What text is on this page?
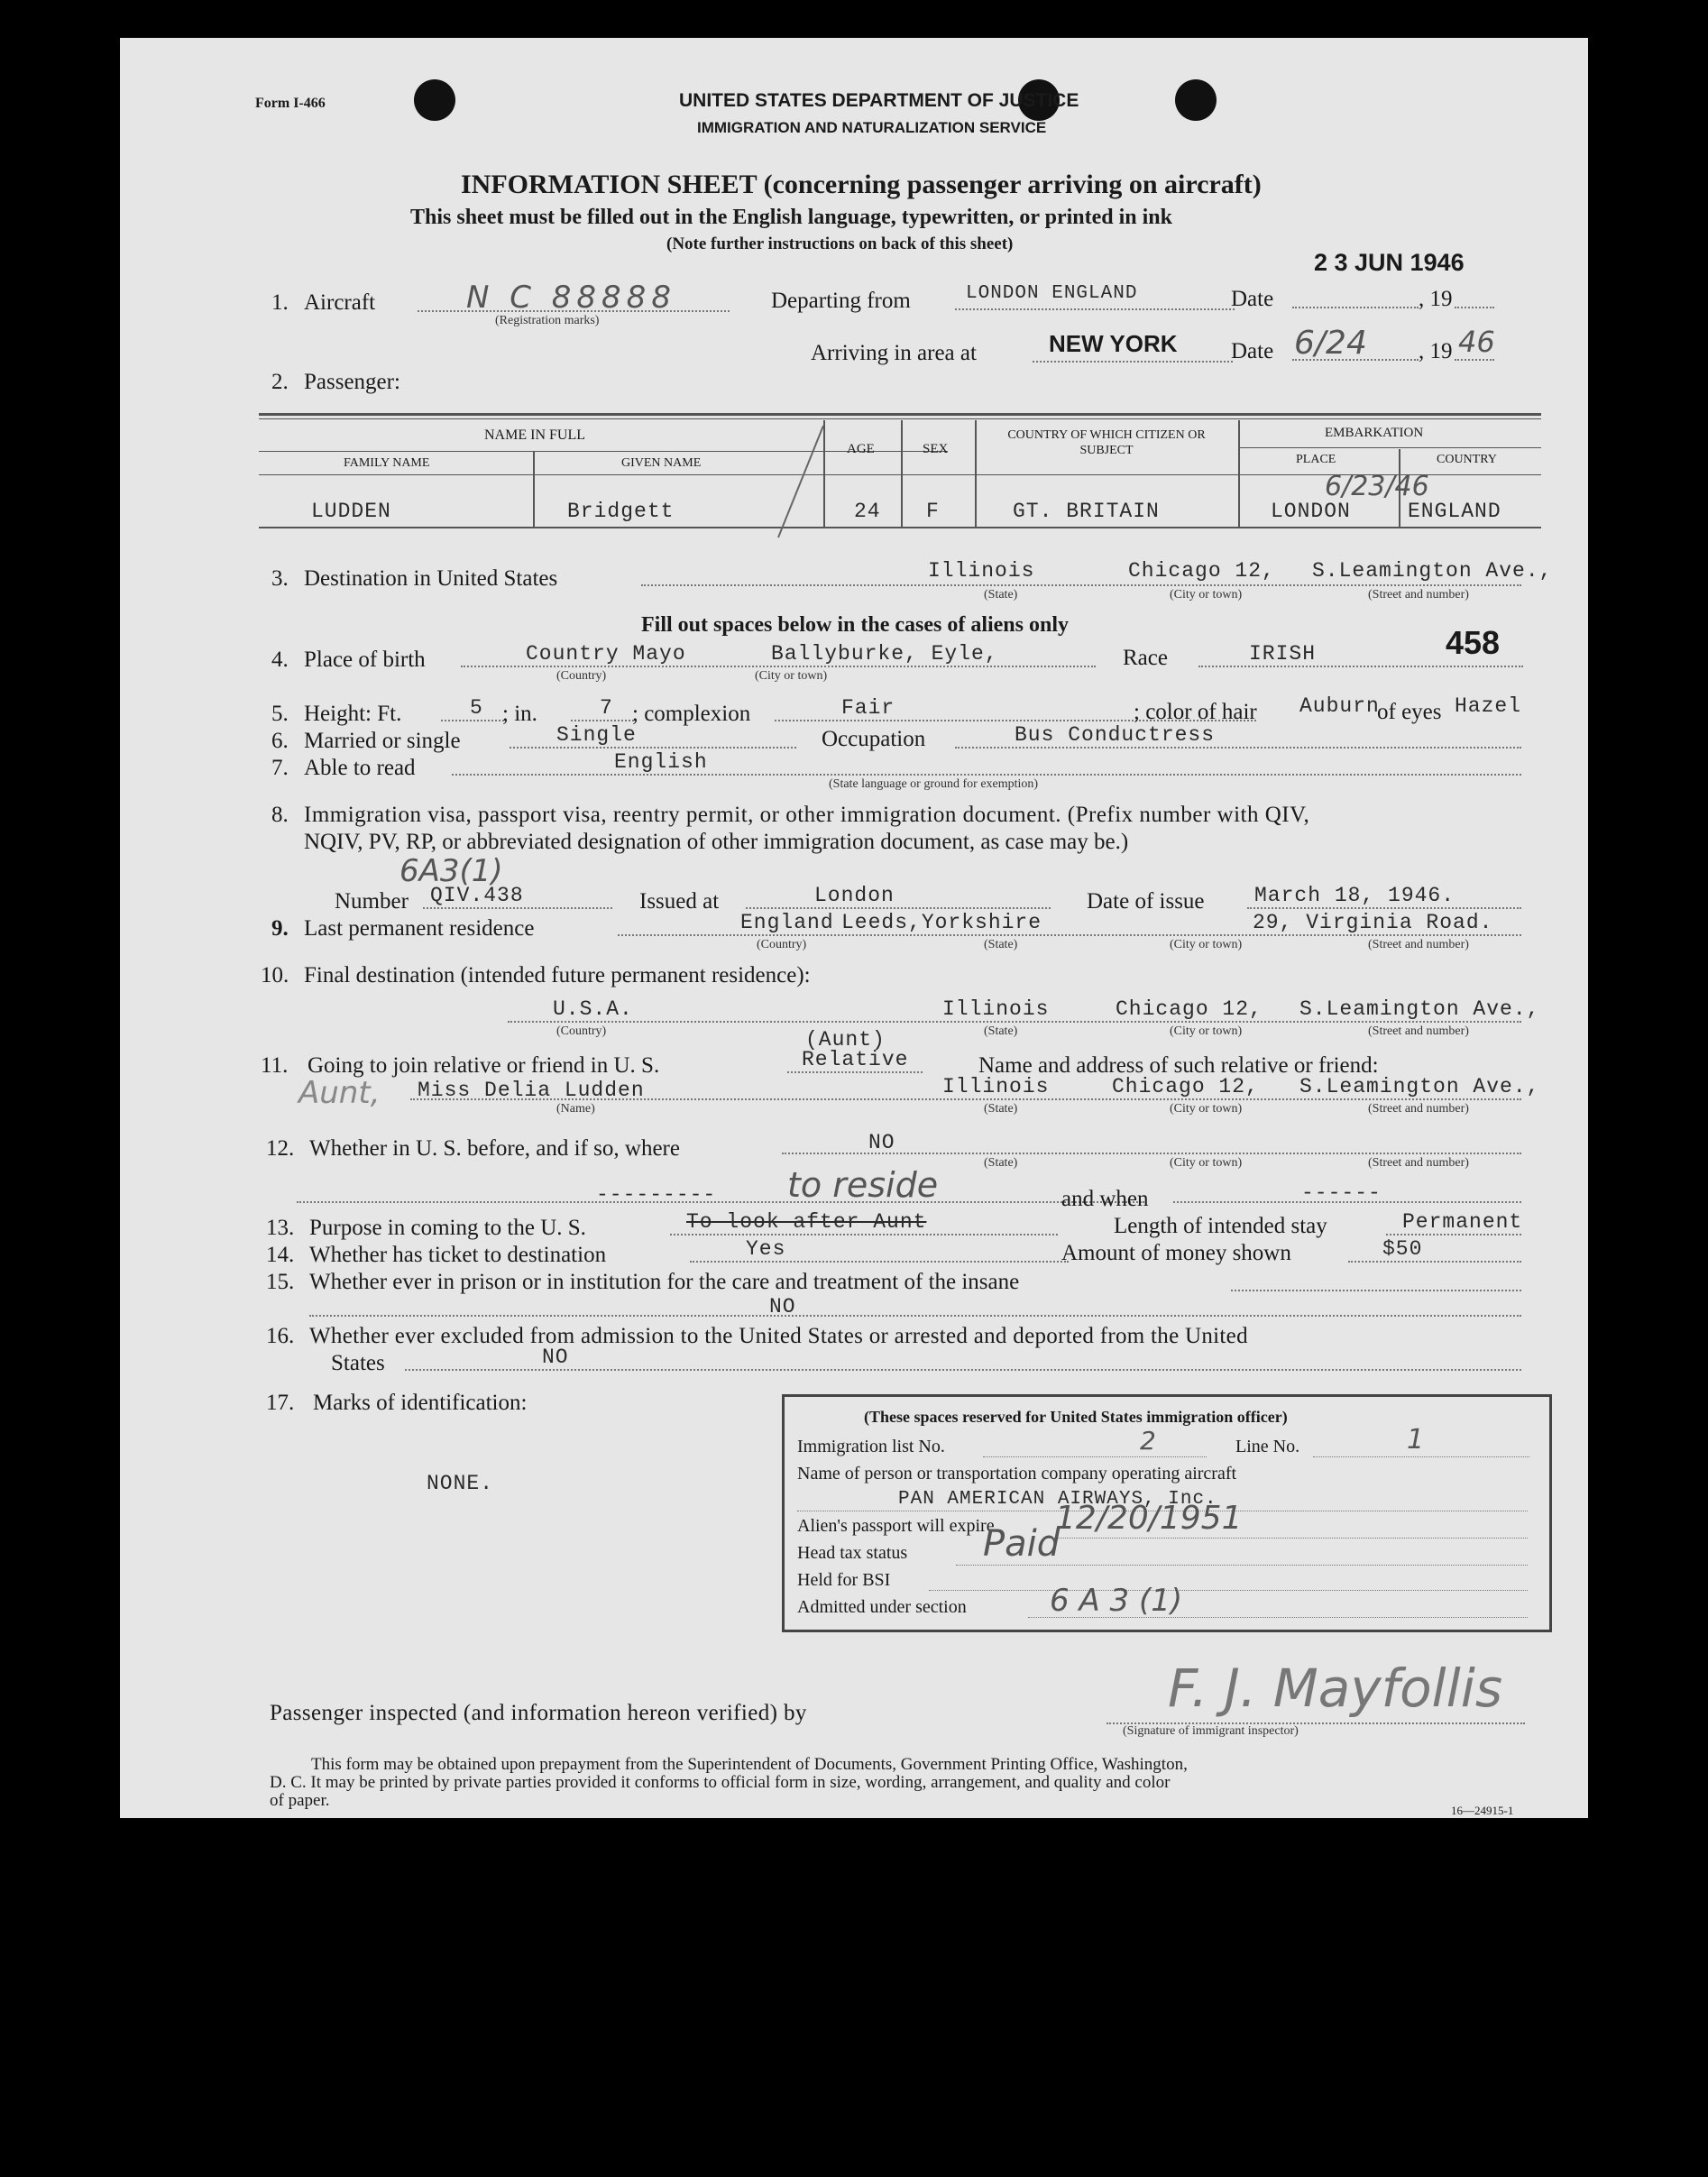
Form I-466	UNITED STATES DEPARTMENT OF JUSTICE
IMMIGRATION AND NATURALIZATION SERVICE
INFORMATION SHEET (concerning passenger arriving on aircraft)
This sheet must be filled out in the English language, typewritten, or printed in ink
(Note further instructions on back of this sheet)
2 3 JUN 1946
1. Aircraft	N C 88888
(Registration marks)
Departing from	LONDON ENGLAND	Date	, 19
Arriving in area at	NEW YORK Date 6/24 , 19 46
2. Passenger:
NAME IN FULL
FAMILY NAME	GIVEN NAME
AGE	SEX
COUNTRY OF WHICH CITIZEN OR SUBJECT
EMBARKATION
PLACE	COUNTRY
LUDDEN	Bridgett	24 F	GT. BRITAIN	LONDON	ENGLAND
6/23/46
3. Destination in United States	Illinois	Chicago 12, S.Leamington Ave.,
(State)	(City or town)	(Street and number)
Fill out spaces below in the cases of aliens only
4. Place of birth	Country Mayo	Ballyburke, Eyle,
(Country)	(City or town)
Race	IRISH	458
5. Height: Ft.	5 ; in.	7 ; complexion	Fair	; color of hair Auburn
of eyes Hazel
6. Married or single	Single	Occupation	Bus Conductress
7. Able to read	English
(State language or ground for exemption)
8. Immigration visa, passport visa, reentry permit, or other immigration document. (Prefix number with QIV,
NQIV, PV, RP, or abbreviated designation of other immigration document, as case may be.)
6A3(1)
Number QIV.438	Issued at	London	Date of issue March 18, 1946.
9. Last permanent residence	England Leeds,Yorkshire	29, Virginia Road.
(Country)	(State)	(City or town)	(Street and number)
10. Final destination (intended future permanent residence):
U.S.A.	Illinois	Chicago 12, S.Leamington Ave.,
(Country)	(State)	(City or town)	(Street and number)
11. Going to join relative or friend in U. S.
(Aunt)
Relative	Name and address of such relative or friend:
Aunt, Miss Delia Ludden	Illinois	Chicago 12, S.Leamington Ave.,
(Name)	(State)	(City or town)	(Street and number)
12. Whether in U. S. before, and if so, where	NO
(State)	(City or town)	(Street and number)
--------- to reside	and when	------
13. Purpose in coming to the U. S.	To look after Aunt	Length of intended stay	Permanent
14. Whether has ticket to destination	Yes	Amount of money shown	$50
15. Whether ever in prison or in institution for the care and treatment of the insane
NO
16. Whether ever excluded from admission to the United States or arrested and deported from the United
States	NO
17. Marks of identification:
NONE.
(These spaces reserved for United States immigration officer)
Immigration list No.	2	Line No.	1
Name of person or transportation company operating aircraft
PAN AMERICAN AIRWAYS, Inc.
Alien's passport will expire 12/20/1951
Head tax status Paid
Held for BSI
Admitted under section	6 A 3 (1)
Passenger inspected (and information hereon verified) by	F. J. Mayfollis
(Signature of immigrant inspector)
This form may be obtained upon prepayment from the Superintendent of Documents, Government Printing Office, Washington,
D. C. It may be printed by private parties provided it conforms to official form in size, wording, arrangement, and quality and color
of paper.
16—24915-1
